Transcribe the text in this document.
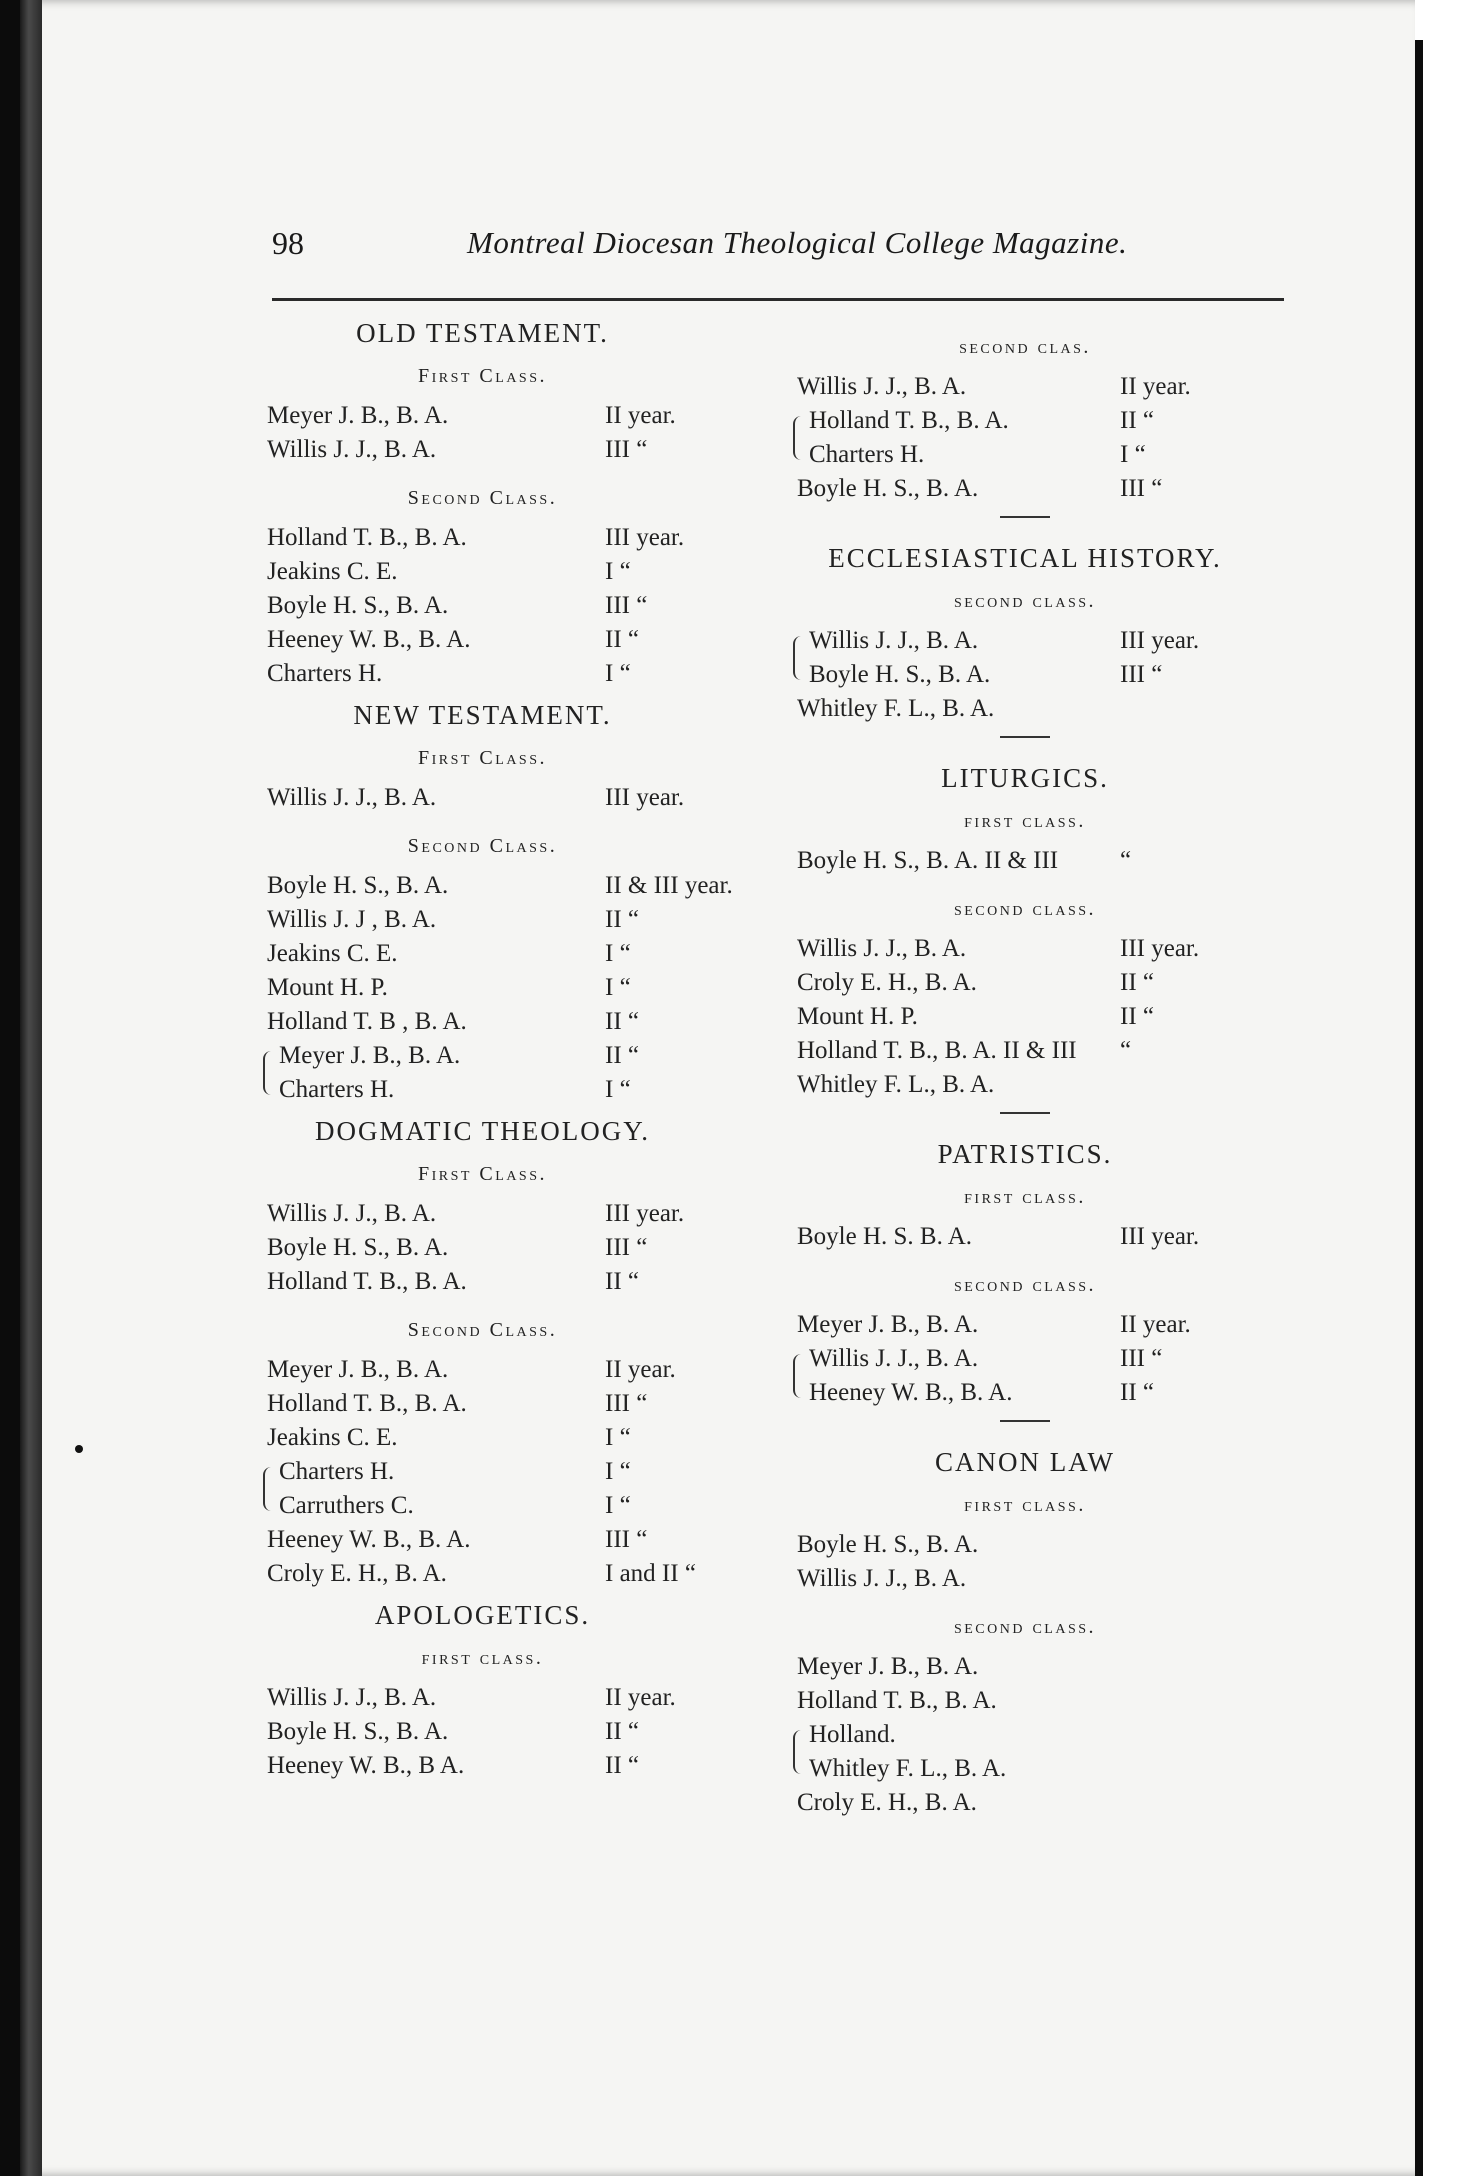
98	Montreal Diocesan Theological College Magazine.
OLD TESTAMENT.
First Class.
Meyer J. B., B. A.	II year.
Willis J. J., B. A.	III “
Second Class.
Holland T. B., B. A.	III year.
Jeakins C. E.	I “
Boyle H. S., B. A.	III “
Heeney W. B., B. A.	II “
Charters H.	I “
NEW TESTAMENT.
First Class.
Willis J. J., B. A.	III year.
Second Class.
Boyle H. S., B. A.	II & III year.
Willis J. J , B. A.	II “
Jeakins C. E.	I “
Mount H. P.	I “
Holland T. B , B. A.	II “
Meyer J. B., B. A.	II “
Charters H.	I “
DOGMATIC THEOLOGY.
First Class.
Willis J. J., B. A.	III year.
Boyle H. S., B. A.	III “
Holland T. B., B. A.	II “
Second Class.
Meyer J. B., B. A.	II year.
Holland T. B., B. A.	III “
Jeakins C. E.	I “
Charters H.	I “
Carruthers C.	I “
Heeney W. B., B. A.	III “
Croly E. H., B. A.	I and II “
APOLOGETICS.
first class.
Willis J. J., B. A.	II year.
Boyle H. S., B. A.	II “
Heeney W. B., B A.	II “
second clas.
Willis J. J., B. A.	II year.
Holland T. B., B. A.	II “
Charters H.	I “
Boyle H. S., B. A.	III “
ECCLESIASTICAL HISTORY.
second class.
Willis J. J., B. A.	III year.
Boyle H. S., B. A.	III “
Whitley F. L., B. A.
LITURGICS.
first class.
Boyle H. S., B. A. II & III “
second class.
Willis J. J., B. A.	III year.
Croly E. H., B. A.	II “
Mount H. P.	II “
Holland T. B., B. A. II & III “
Whitley F. L., B. A.
PATRISTICS.
first class.
Boyle H. S. B. A.	III year.
second class.
Meyer J. B., B. A.	II year.
Willis J. J., B. A.	III “
Heeney W. B., B. A.	II “
CANON LAW
first class.
Boyle H. S., B. A.
Willis J. J., B. A.
second class.
Meyer J. B., B. A.
Holland T. B., B. A.
Holland.
Whitley F. L., B. A.
Croly E. H., B. A.
